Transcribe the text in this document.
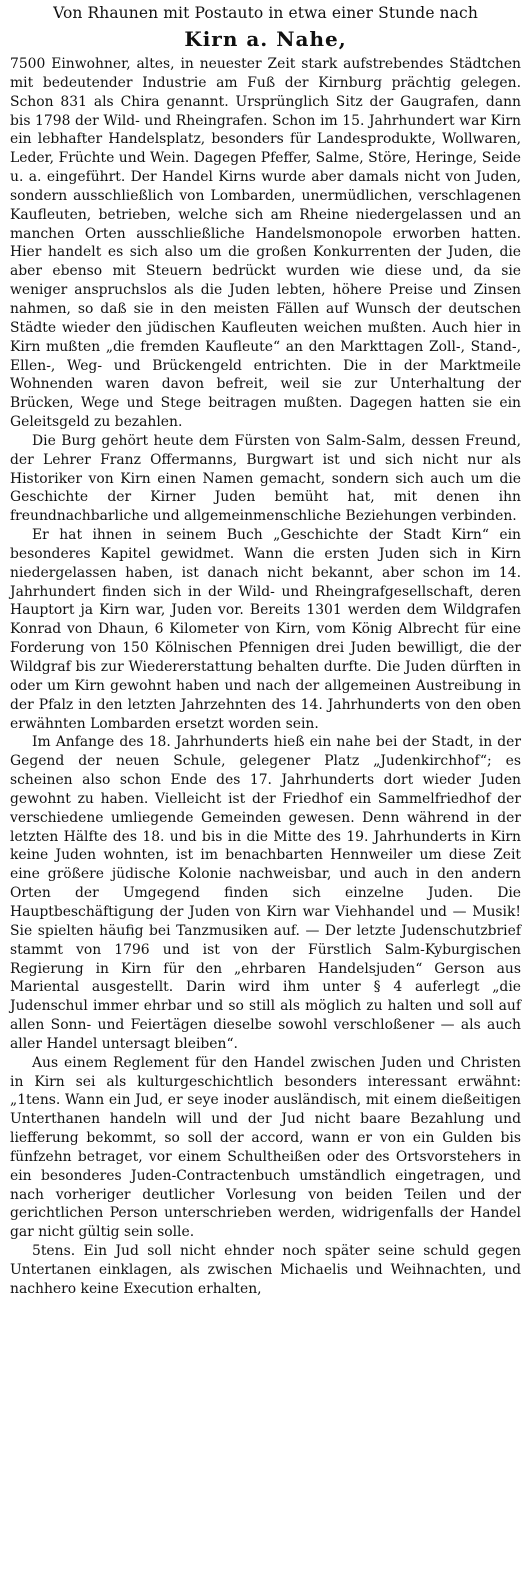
Von Rhaunen mit Postauto in etwa einer Stunde nach
Kirn a. Nahe,

7500 Einwohner, altes, in neuester Zeit stark aufstrebendes Städtchen mit bedeutender Industrie am Fuß der Kirnburg prächtig gelegen. Schon 831 als Chira genannt. Ursprünglich Sitz der Gaugrafen, dann bis 1798 der Wild- und Rheingrafen. Schon im 15. Jahrhundert war Kirn ein lebhafter Handelsplatz, besonders für Landesprodukte, Wollwaren, Leder, Früchte und Wein. Dagegen Pfeffer, Salme, Störe, Heringe, Seide u. a. eingeführt. Der Handel Kirns wurde aber damals nicht von Juden, sondern ausschließlich von Lombarden, unermüdlichen, verschlagenen Kaufleuten, betrieben, welche sich am Rheine niedergelassen und an manchen Orten ausschließliche Handelsmonopole erworben hatten. Hier handelt es sich also um die großen Konkurrenten der Juden, die aber ebenso mit Steuern bedrückt wurden wie diese und, da sie weniger anspruchslos als die Juden lebten, höhere Preise und Zinsen nahmen, so daß sie in den meisten Fällen auf Wunsch der deutschen Städte wieder den jüdischen Kaufleuten weichen mußten. Auch hier in Kirn mußten „die fremden Kaufleute“ an den Markttagen Zoll-, Stand-, Ellen-, Weg- und Brückengeld entrichten. Die in der Marktmeile Wohnenden waren davon befreit, weil sie zur Unterhaltung der Brücken, Wege und Stege beitragen mußten. Dagegen hatten sie ein Geleitsgeld zu bezahlen.

Die Burg gehört heute dem Fürsten von Salm-Salm, dessen Freund, der Lehrer Franz Offermanns, Burgwart ist und sich nicht nur als Historiker von Kirn einen Namen gemacht, sondern sich auch um die Geschichte der Kirner Juden bemüht hat, mit denen ihn freundnachbarliche und allgemeinmenschliche Beziehungen verbinden.

Er hat ihnen in seinem Buch „Geschichte der Stadt Kirn“ ein besonderes Kapitel gewidmet. Wann die ersten Juden sich in Kirn niedergelassen haben, ist danach nicht bekannt, aber schon im 14. Jahrhundert finden sich in der Wild- und Rheingrafgesellschaft, deren Hauptort ja Kirn war, Juden vor. Bereits 1301 werden dem Wildgrafen Konrad von Dhaun, 6 Kilometer von Kirn, vom König Albrecht für eine Forderung von 150 Kölnischen Pfennigen drei Juden bewilligt, die der Wildgraf bis zur Wiedererstattung behalten durfte. Die Juden dürften in oder um Kirn gewohnt haben und nach der allgemeinen Austreibung in der Pfalz in den letzten Jahrzehnten des 14. Jahrhunderts von den oben erwähnten Lombarden ersetzt worden sein.

Im Anfange des 18. Jahrhunderts hieß ein nahe bei der Stadt, in der Gegend der neuen Schule, gelegener Platz „Judenkirchhof“; es scheinen also schon Ende des 17. Jahrhunderts dort wieder Juden gewohnt zu haben. Vielleicht ist der Friedhof ein Sammelfriedhof der verschiedene umliegende Gemeinden gewesen. Denn während in der letzten Hälfte des 18. und bis in die Mitte des 19. Jahrhunderts in Kirn keine Juden wohnten, ist im benachbarten Hennweiler um diese Zeit eine größere jüdische Kolonie nachweisbar, und auch in den andern Orten der Umgegend finden sich einzelne Juden. Die Hauptbeschäftigung der Juden von Kirn war Viehhandel und — Musik! Sie spielten häufig bei Tanzmusiken auf. — Der letzte Judenschutzbrief stammt von 1796 und ist von der Fürstlich Salm-Kyburgischen Regierung in Kirn für den „ehrbaren Handelsjuden“ Gerson aus Mariental ausgestellt. Darin wird ihm unter § 4 auferlegt „die Judenschul immer ehrbar und so still als möglich zu halten und soll auf allen Sonn- und Feiertägen dieselbe sowohl verschloßener — als auch aller Handel untersagt bleiben“.

Aus einem Reglement für den Handel zwischen Juden und Christen in Kirn sei als kulturgeschichtlich besonders interessant erwähnt: „1tens. Wann ein Jud, er seye inoder ausländisch, mit einem dießeitigen Unterthanen handeln will und der Jud nicht baare Bezahlung und liefferung bekommt, so soll der accord, wann er von ein Gulden bis fünfzehn betraget, vor einem Schultheißen oder des Ortsvorstehers in ein besonderes Juden-Contractenbuch umständlich eingetragen, und nach vorheriger deutlicher Vorlesung von beiden Teilen und der gerichtlichen Person unterschrieben werden, widrigenfalls der Handel gar nicht gültig sein solle.

5tens. Ein Jud soll nicht ehnder noch später seine schuld gegen Untertanen einklagen, als zwischen Michaelis und Weihnachten, und nachhero keine Execution erhalten,
